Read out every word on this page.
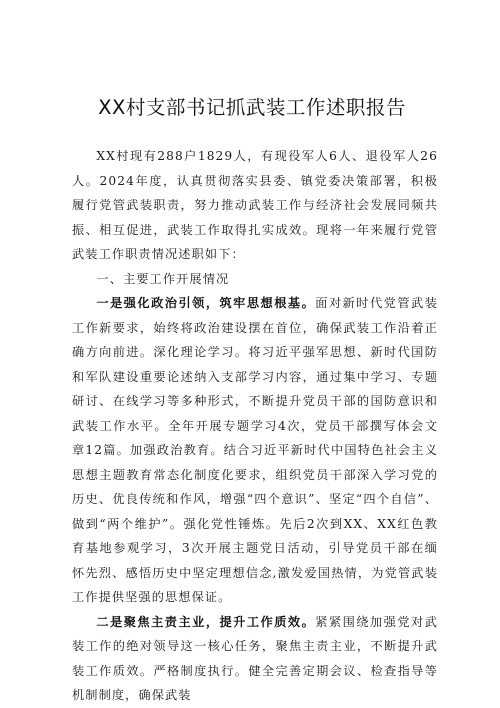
XX村支部书记抓武装工作述职报告

XX村现有288户1829人，有现役军人6人、退役军人26人。2024年度，认真贯彻落实县委、镇党委决策部署，积极履行党管武装职责，努力推动武装工作与经济社会发展同频共振、相互促进，武装工作取得扎实成效。现将一年来履行党管武装工作职责情况述职如下：

一、主要工作开展情况

一是强化政治引领，筑牢思想根基。面对新时代党管武装工作新要求，始终将政治建设摆在首位，确保武装工作沿着正确方向前进。深化理论学习。将习近平强军思想、新时代国防和军队建设重要论述纳入支部学习内容，通过集中学习、专题研讨、在线学习等多种形式，不断提升党员干部的国防意识和武装工作水平。全年开展专题学习4次，党员干部撰写体会文章12篇。加强政治教育。结合习近平新时代中国特色社会主义思想主题教育常态化制度化要求，组织党员干部深入学习党的历史、优良传统和作风，增强“四个意识”、坚定“四个自信”、做到“两个维护”。强化党性锤炼。先后2次到XX、XX红色教育基地参观学习，3次开展主题党日活动，引导党员干部在缅怀先烈、感悟历史中坚定理想信念,激发爱国热情，为党管武装工作提供坚强的思想保证。

二是聚焦主责主业，提升工作质效。紧紧围绕加强党对武装工作的绝对领导这一核心任务，聚焦主责主业，不断提升武装工作质效。严格制度执行。健全完善定期会议、检查指导等机制制度，确保武装
